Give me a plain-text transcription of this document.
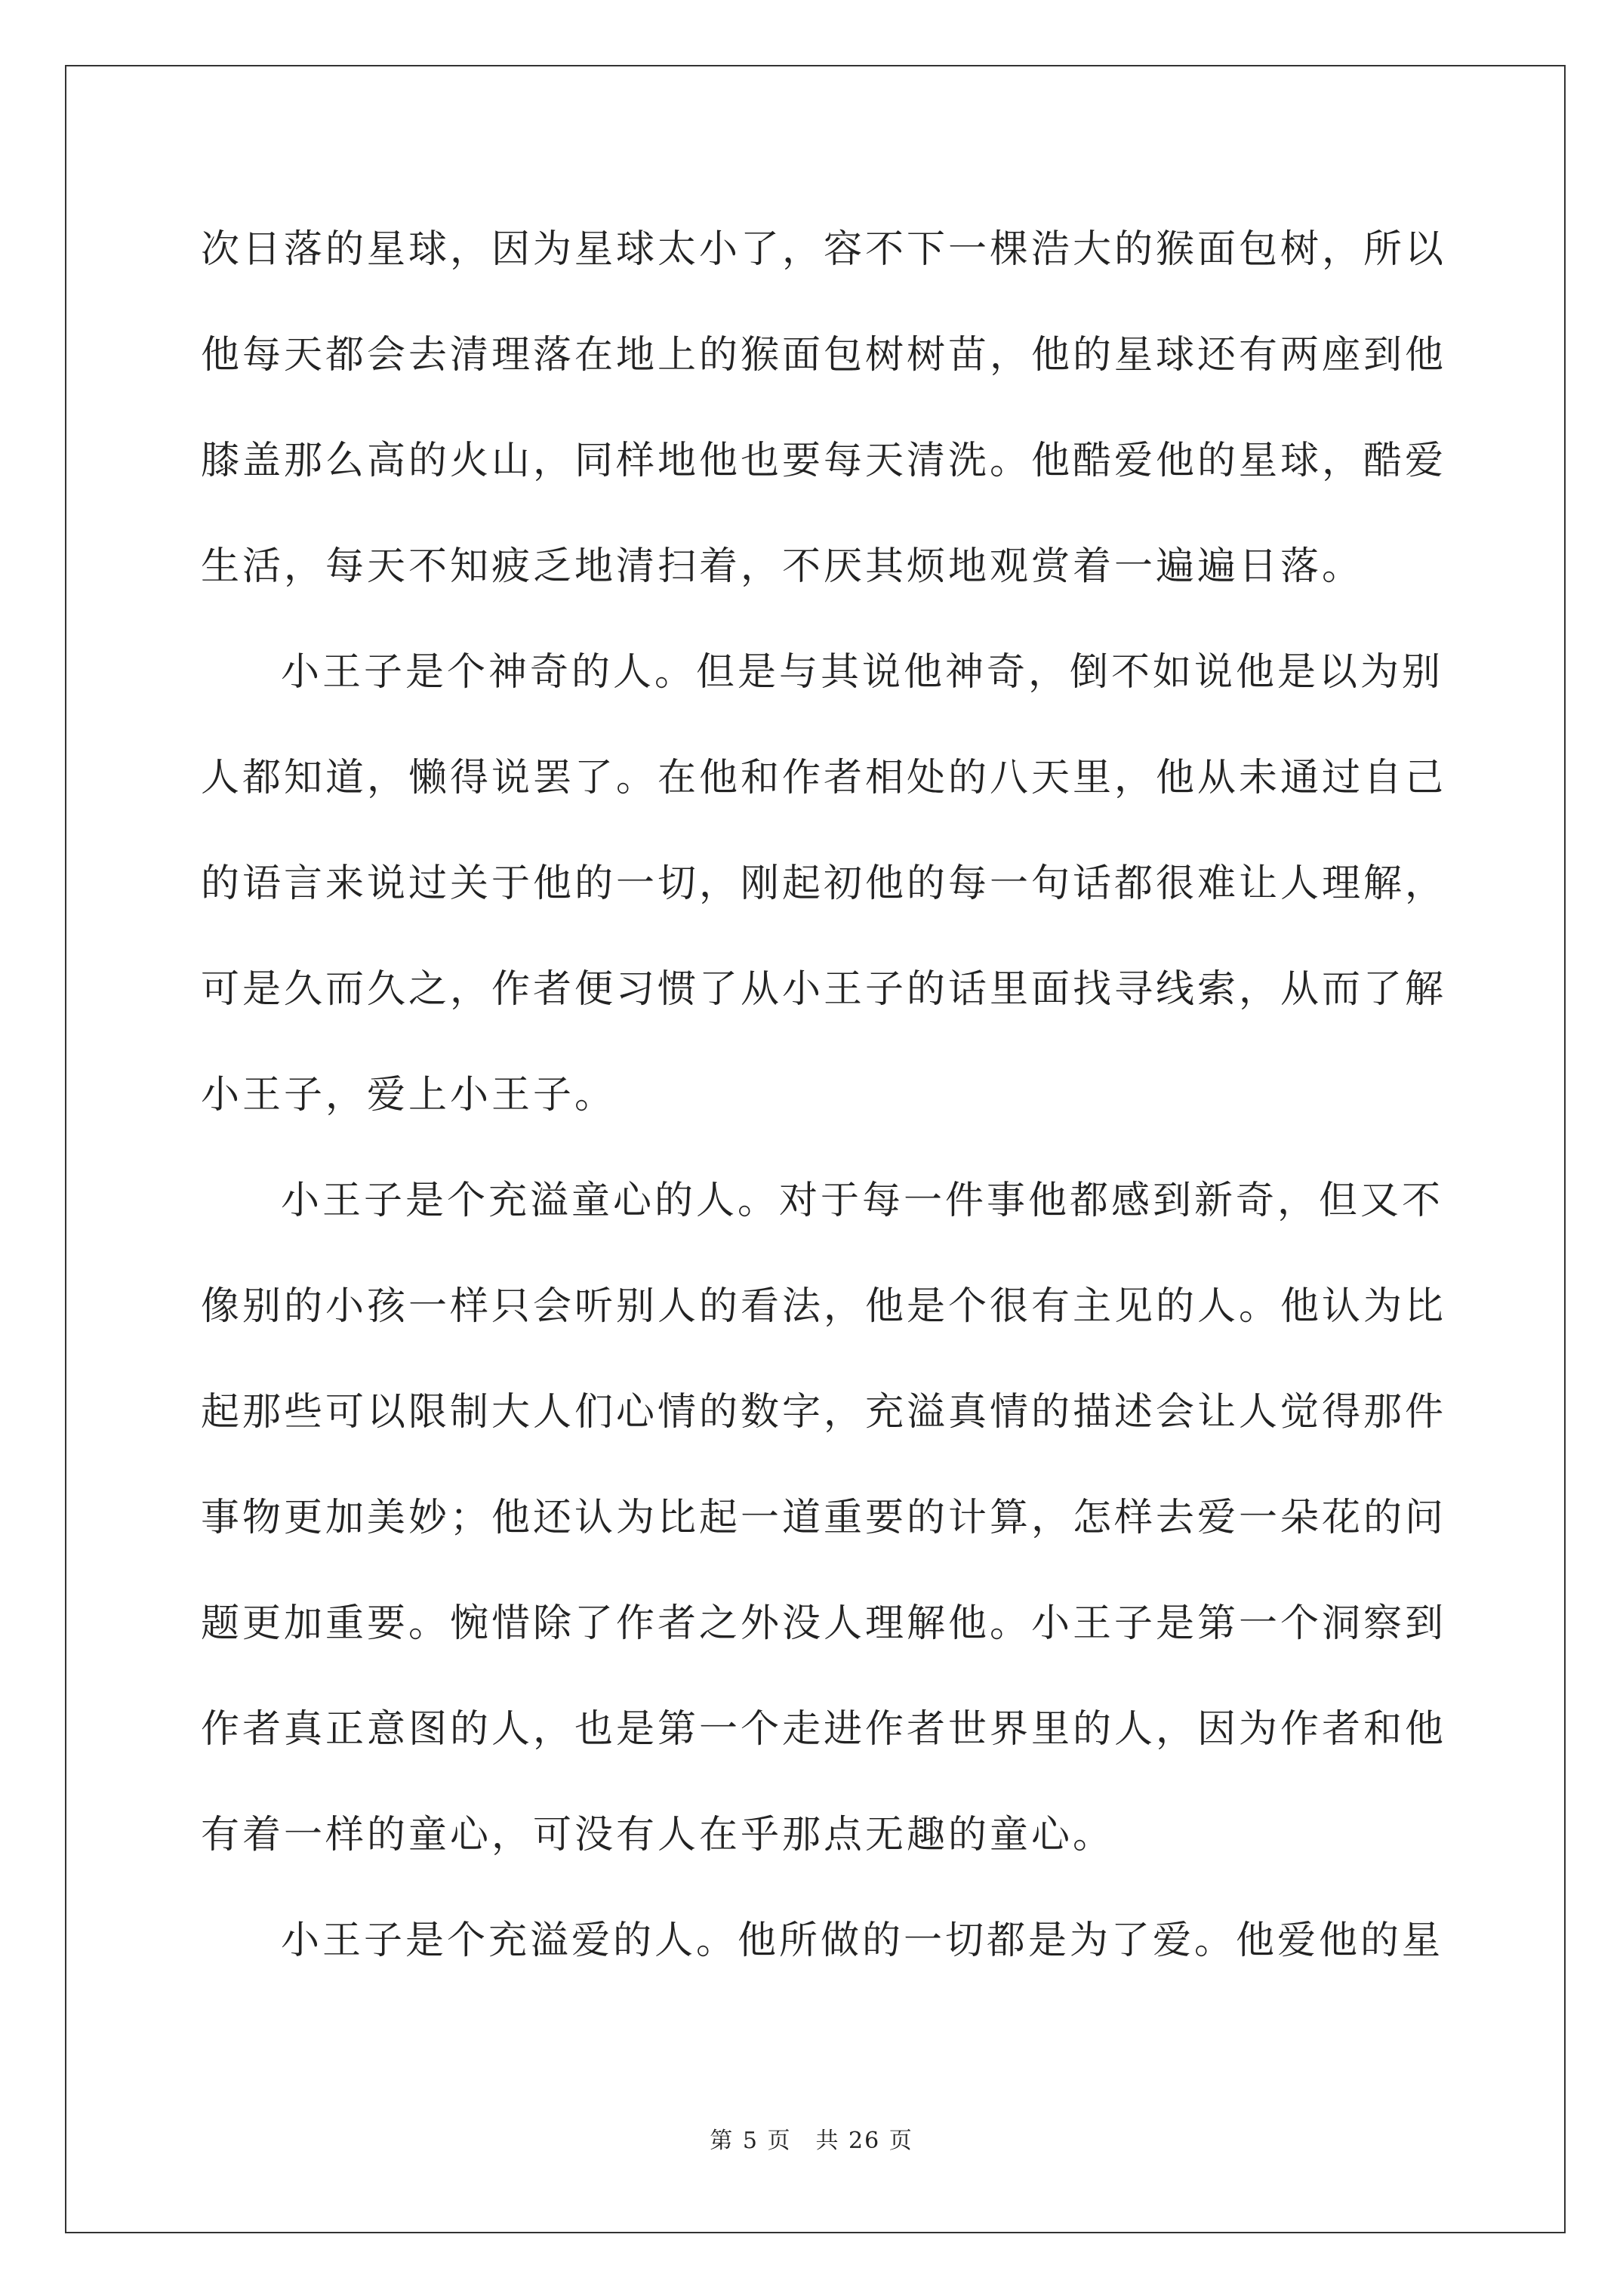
次日落的星球，因为星球太小了，容不下一棵浩大的猴面包树，所以
他每天都会去清理落在地上的猴面包树树苗，他的星球还有两座到他
膝盖那么高的火山，同样地他也要每天清洗。他酷爱他的星球，酷爱
生活，每天不知疲乏地清扫着，不厌其烦地观赏着一遍遍日落。
小王子是个神奇的人。但是与其说他神奇，倒不如说他是以为别
人都知道，懒得说罢了。在他和作者相处的八天里，他从未通过自己
的语言来说过关于他的一切，刚起初他的每一句话都很难让人理解，
可是久而久之，作者便习惯了从小王子的话里面找寻线索，从而了解
小王子，爱上小王子。
小王子是个充溢童心的人。对于每一件事他都感到新奇，但又不
像别的小孩一样只会听别人的看法，他是个很有主见的人。他认为比
起那些可以限制大人们心情的数字，充溢真情的描述会让人觉得那件
事物更加美妙；他还认为比起一道重要的计算，怎样去爱一朵花的问
题更加重要。惋惜除了作者之外没人理解他。小王子是第一个洞察到
作者真正意图的人，也是第一个走进作者世界里的人，因为作者和他
有着一样的童心，可没有人在乎那点无趣的童心。
小王子是个充溢爱的人。他所做的一切都是为了爱。他爱他的星
第 5 页 共 26 页
